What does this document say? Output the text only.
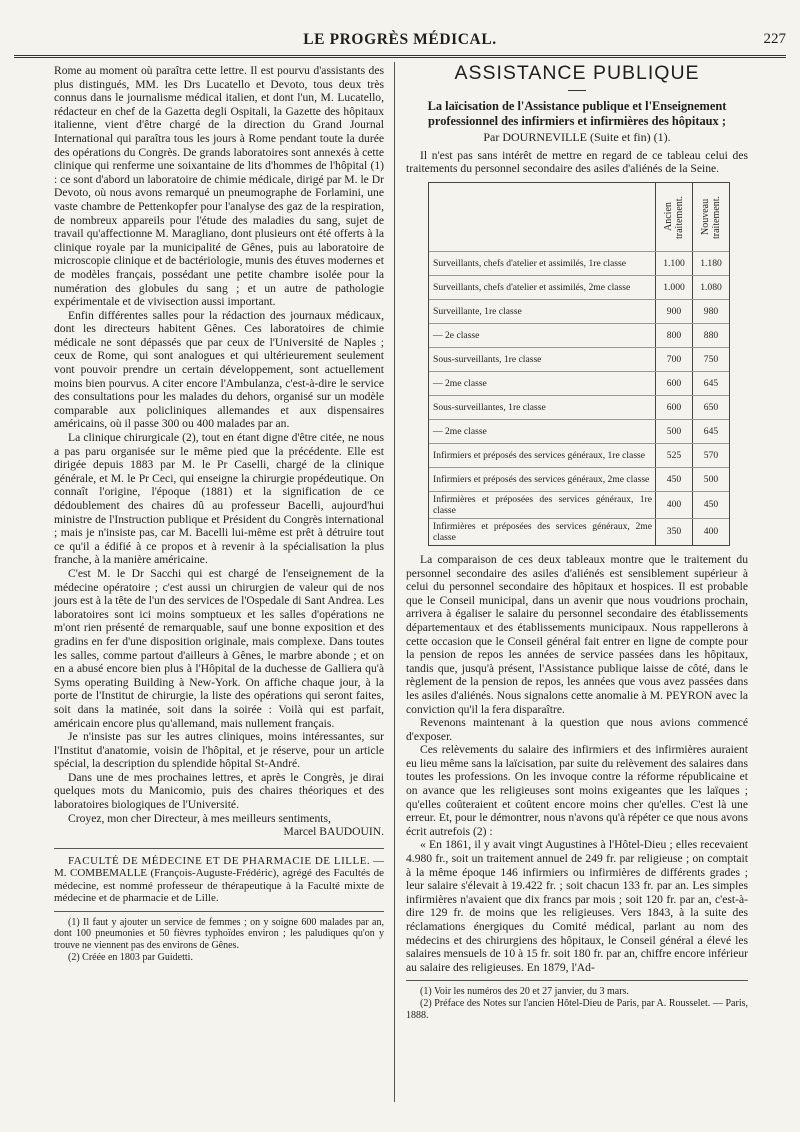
LE PROGRÈS MÉDICAL.	227

Rome au moment où paraîtra cette lettre. Il est pourvu d'assistants des plus distingués, MM. les Drs Lucatello et Devoto, tous deux très connus dans le journalisme médical italien, et dont l'un, M. Lucatello, rédacteur en chef de la Gazetta degli Ospitali, la Gazette des hôpitaux italienne, vient d'être chargé de la direction du Grand Journal International qui paraîtra tous les jours à Rome pendant toute la durée des opérations du Congrès. De grands laboratoires sont annexés à cette clinique qui renferme une soixantaine de lits d'hommes de l'hôpital (1) : ce sont d'abord un laboratoire de chimie médicale, dirigé par M. le Dr Devoto, où nous avons remarqué un pneumographe de Forlamini, une vaste chambre de Pettenkopfer pour l'analyse des gaz de la respiration, de nombreux appareils pour l'étude des maladies du sang, sujet de travail qu'affectionne M. Maragliano, dont plusieurs ont été offerts à la clinique royale par la municipalité de Gênes, puis au laboratoire de microscopie clinique et de bactériologie, munis des étuves modernes et de modèles français, possédant une petite chambre isolée pour la numération des globules du sang ; et un autre de pathologie expérimentale et de vivisection aussi important.

Enfin différentes salles pour la rédaction des journaux médicaux, dont les directeurs habitent Gênes. Ces laboratoires de chimie médicale ne sont dépassés que par ceux de l'Université de Naples ; ceux de Rome, qui sont analogues et qui ultérieurement seulement vont pouvoir prendre un certain développement, sont actuellement moins bien pourvus. A citer encore l'Ambulanza, c'est-à-dire le service des consultations pour les malades du dehors, organisé sur un modèle comparable aux policliniques allemandes et aux dispensaires américains, où il passe 300 ou 400 malades par an.

La clinique chirurgicale (2), tout en étant digne d'être citée, ne nous a pas paru organisée sur le même pied que la précédente. Elle est dirigée depuis 1883 par M. le Pr Caselli, chargé de la clinique générale, et M. le Pr Ceci, qui enseigne la chirurgie propédeutique. On connaît l'origine, l'époque (1881) et la signification de ce dédoublement des chaires dû au professeur Bacelli, aujourd'hui ministre de l'Instruction publique et Président du Congrès international ; mais je n'insiste pas, car M. Bacelli lui-même est prêt à détruire tout ce qu'il a édifié à ce propos et à revenir à la spécialisation la plus franche, à la manière américaine.

C'est M. le Dr Sacchi qui est chargé de l'enseignement de la médecine opératoire ; c'est aussi un chirurgien de valeur qui de nos jours est à la tête de l'un des services de l'Ospedale di Sant Andrea. Les laboratoires sont ici moins somptueux et les salles d'opérations ne m'ont rien présenté de remarquable, sauf une bonne exposition et des gradins en fer d'une disposition originale, mais complexe. Dans toutes les salles, comme partout d'ailleurs à Gênes, le marbre abonde ; et on en a abusé encore bien plus à l'Hôpital de la duchesse de Galliera qu'à Syms operating Building à New-York. On affiche chaque jour, à la porte de l'Institut de chirurgie, la liste des opérations qui seront faites, soit dans la matinée, soit dans la soirée : Voilà qui est parfait, américain encore plus qu'allemand, mais nullement français.

Je n'insiste pas sur les autres cliniques, moins intéressantes, sur l'Institut d'anatomie, voisin de l'hôpital, et je réserve, pour un article spécial, la description du splendide hôpital St-André.

Dans une de mes prochaines lettres, et après le Congrès, je dirai quelques mots du Manicomio, puis des chaires théoriques et des laboratoires biologiques de l'Université.

Croyez, mon cher Directeur, à mes meilleurs sentiments,

Marcel BAUDOUIN.

FACULTÉ DE MÉDECINE ET DE PHARMACIE DE LILLE. — M. COMBEMALLE (François-Auguste-Frédéric), agrégé des Facultés de médecine, est nommé professeur de thérapeutique à la Faculté mixte de médecine et de pharmacie et de Lille.

(1) Il faut y ajouter un service de femmes ; on y soigne 600 malades par an, dont 100 pneumonies et 50 fièvres typhoïdes environ ; les paludiques qu'on y trouve ne viennent pas des environs de Gênes.

(2) Créée en 1803 par Guidetti.

ASSISTANCE PUBLIQUE
La laïcisation de l'Assistance publique et l'Enseignement professionnel des infirmiers et infirmières des hôpitaux ;
Par DOURNEVILLE (Suite et fin) (1).

Il n'est pas sans intérêt de mettre en regard de ce tableau celui des traitements du personnel secondaire des asiles d'aliénés de la Seine.

Ancien traitement. Nouveau traitement.
Surveillants, chefs d'atelier et assimilés, 1re classe	1.100	1.180
Surveillants, chefs d'atelier et assimilés, 2me classe	1.000	1.080
Surveillante, 1re classe	900	980
— 2e classe	800	880
Sous-surveillants, 1re classe	700	750
— 2me classe	600	645
Sous-surveillantes, 1re classe	600	650
— 2me classe	500	645
Infirmiers et préposés des services généraux, 1re classe	525	570
Infirmiers et préposés des services généraux, 2me classe	450	500
Infirmières et préposées des services généraux, 1re classe
400	450
Infirmières et préposées des services généraux, 2me classe
350	400

La comparaison de ces deux tableaux montre que le traitement du personnel secondaire des asiles d'aliénés est sensiblement supérieur à celui du personnel secondaire des hôpitaux et hospices. Il est probable que le Conseil municipal, dans un avenir que nous voudrions prochain, arrivera à égaliser le salaire du personnel secondaire des établissements départementaux et des établissements municipaux. Nous rappellerons à cette occasion que le Conseil général fait entrer en ligne de compte pour la pension de repos les années de service passées dans les hôpitaux, tandis que, jusqu'à présent, l'Assistance publique laisse de côté, dans le règlement de la pension de repos, les années que vous avez passées dans les asiles d'aliénés. Nous signalons cette anomalie à M. PEYRON avec la conviction qu'il la fera disparaître.

Revenons maintenant à la question que nous avions commencé d'exposer.

Ces relèvements du salaire des infirmiers et des infirmières auraient eu lieu même sans la laïcisation, par suite du relèvement des salaires dans toutes les professions. On les invoque contre la réforme républicaine et on avance que les religieuses sont moins exigeantes que les laïques ; qu'elles coûteraient et coûtent encore moins cher qu'elles. C'est là une erreur. Et, pour le démontrer, nous n'avons qu'à répéter ce que nous avons écrit autrefois (2) :

« En 1861, il y avait vingt Augustines à l'Hôtel-Dieu ; elles recevaient 4.980 fr., soit un traitement annuel de 249 fr. par religieuse ; on comptait à la même époque 146 infirmiers ou infirmières de différents grades ; leur salaire s'élevait à 19.422 fr. ; soit chacun 133 fr. par an. Les simples infirmières n'avaient que dix francs par mois ; soit 120 fr. par an, c'est-à-dire 129 fr. de moins que les religieuses. Vers 1843, à la suite des réclamations énergiques du Comité médical, parlant au nom des médecins et des chirurgiens des hôpitaux, le Conseil général a élevé les salaires mensuels de 10 à 15 fr. soit 180 fr. par an, chiffre encore inférieur au salaire des religieuses. En 1879, l'Ad-

(1) Voir les numéros des 20 et 27 janvier, du 3 mars.

(2) Préface des Notes sur l'ancien Hôtel-Dieu de Paris, par A. Rousselet. — Paris, 1888.
